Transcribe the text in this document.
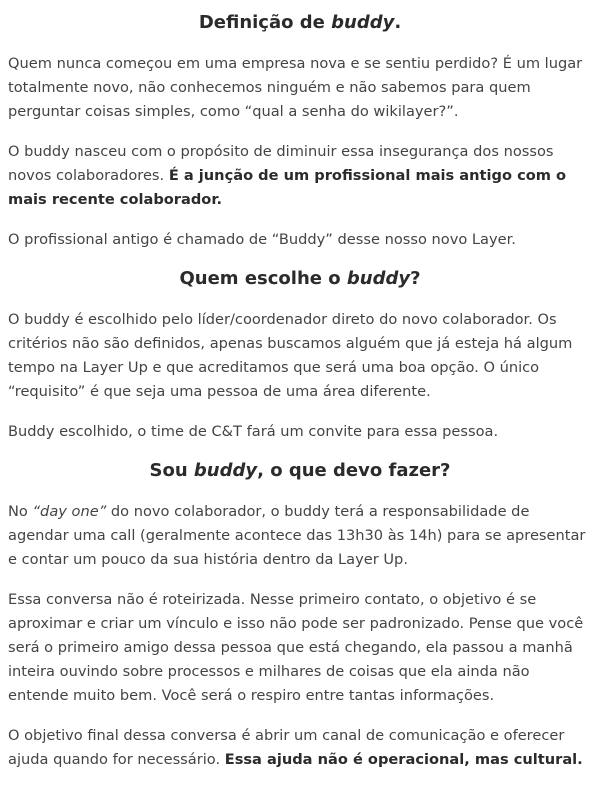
Definição de buddy.

Quem nunca começou em uma empresa nova e se sentiu perdido? É um lugar totalmente novo, não conhecemos ninguém e não sabemos para quem perguntar coisas simples, como “qual a senha do wikilayer?”.

O buddy nasceu com o propósito de diminuir essa insegurança dos nossos novos colaboradores. É a junção de um profissional mais antigo com o mais recente colaborador.

O profissional antigo é chamado de “Buddy” desse nosso novo Layer.

Quem escolhe o buddy?

O buddy é escolhido pelo líder/coordenador direto do novo colaborador. Os critérios não são definidos, apenas buscamos alguém que já esteja há algum tempo na Layer Up e que acreditamos que será uma boa opção. O único “requisito” é que seja uma pessoa de uma área diferente.

Buddy escolhido, o time de C&T fará um convite para essa pessoa.

Sou buddy, o que devo fazer?

No “day one” do novo colaborador, o buddy terá a responsabilidade de agendar uma call (geralmente acontece das 13h30 às 14h) para se apresentar e contar um pouco da sua história dentro da Layer Up.

Essa conversa não é roteirizada. Nesse primeiro contato, o objetivo é se aproximar e criar um vínculo e isso não pode ser padronizado. Pense que você será o primeiro amigo dessa pessoa que está chegando, ela passou a manhã inteira ouvindo sobre processos e milhares de coisas que ela ainda não entende muito bem. Você será o respiro entre tantas informações.

O objetivo final dessa conversa é abrir um canal de comunicação e oferecer ajuda quando for necessário. Essa ajuda não é operacional, mas cultural.
